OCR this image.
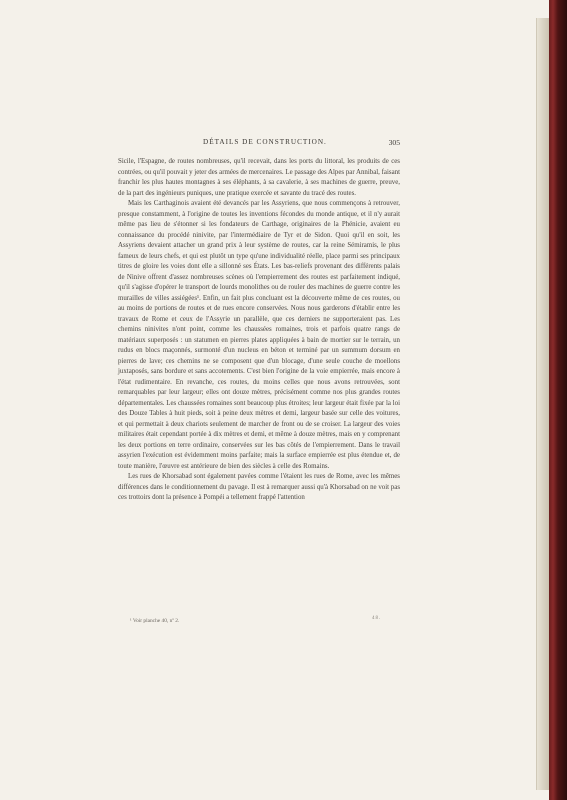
DÉTAILS DE CONSTRUCTION.	305

Sicile, l'Espagne, de routes nombreuses, qu'il recevait, dans les ports du littoral, les produits de ces contrées, ou qu'il pouvait y jeter des armées de mercenaires. Le passage des Alpes par Annibal, faisant franchir les plus hautes montagnes à ses éléphants, à sa cavalerie, à ses machines de guerre, preuve, de la part des ingénieurs puniques, une pratique exercée et savante du tracé des routes.

Mais les Carthaginois avaient été devancés par les Assyriens, que nous commençons à retrouver, presque constamment, à l'origine de toutes les inventions fécondes du monde antique, et il n'y aurait même pas lieu de s'étonner si les fondateurs de Carthage, originaires de la Phénicie, avaient eu connaissance du procédé ninivite, par l'intermédiaire de Tyr et de Sidon. Quoi qu'il en soit, les Assyriens devaient attacher un grand prix à leur système de routes, car la reine Sémiramis, le plus fameux de leurs chefs, et qui est plutôt un type qu'une individualité réelle, place parmi ses principaux titres de gloire les voies dont elle a sillonné ses États. Les bas-reliefs provenant des différents palais de Ninive offrent d'assez nombreuses scènes où l'empierrement des routes est parfaitement indiqué, qu'il s'agisse d'opérer le transport de lourds monolithes ou de rouler des machines de guerre contre les murailles de villes assiégées¹. Enfin, un fait plus concluant est la découverte même de ces routes, ou au moins de portions de routes et de rues encore conservées. Nous nous garderons d'établir entre les travaux de Rome et ceux de l'Assyrie un parallèle, que ces derniers ne supporteraient pas. Les chemins ninivites n'ont point, comme les chaussées romaines, trois et parfois quatre rangs de matériaux superposés : un statumen en pierres plates appliquées à bain de mortier sur le terrain, un rudus en blocs maçonnés, surmonté d'un nucleus en béton et terminé par un summum dorsum en pierres de lave; ces chemins ne se composent que d'un blocage, d'une seule couche de moellons juxtaposés, sans bordure et sans accotements. C'est bien l'origine de la voie empierrée, mais encore à l'état rudimentaire. En revanche, ces routes, du moins celles que nous avons retrouvées, sont remarquables par leur largeur; elles ont douze mètres, précisément comme nos plus grandes routes départementales. Les chaussées romaines sont beaucoup plus étroites; leur largeur était fixée par la loi des Douze Tables à huit pieds, soit à peine deux mètres et demi, largeur basée sur celle des voitures, et qui permettait à deux chariots seulement de marcher de front ou de se croiser. La largeur des voies militaires était cependant portée à dix mètres et demi, et même à douze mètres, mais en y comprenant les deux portions en terre ordinaire, conservées sur les bas côtés de l'empierrement. Dans le travail assyrien l'exécution est évidemment moins parfaite; mais la surface empierrée est plus étendue et, de toute manière, l'œuvre est antérieure de bien des siècles à celle des Romains.

Les rues de Khorsabad sont également pavées comme l'étaient les rues de Rome, avec les mêmes différences dans le conditionnement du pavage. Il est à remarquer aussi qu'à Khorsabad on ne voit pas ces trottoirs dont la présence à Pompéi a tellement frappé l'attention

¹ Voir planche 40, nº 2.	48.
